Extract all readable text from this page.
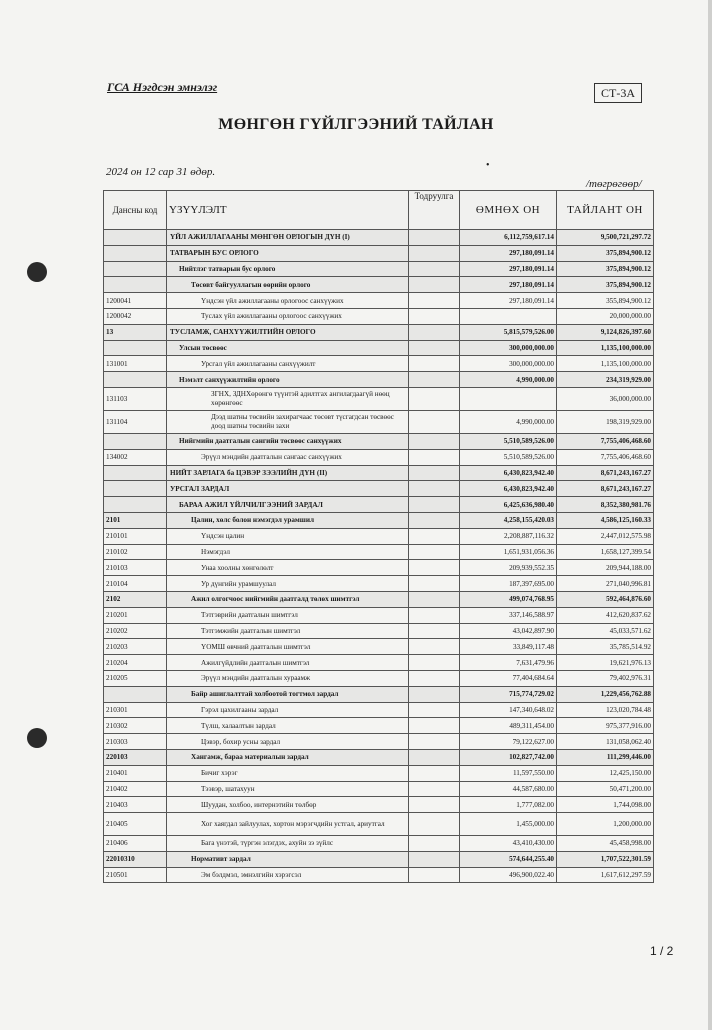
ГСА Нэгдсэн эмнэлэг	СТ-3А
МӨНГӨН ГҮЙЛГЭЭНИЙ ТАЙЛАН
•
2024 он 12 сар 31 өдөр.
/төгрөгөөр/
Дансны код	ҮЗҮҮЛЭЛТ	Тодруулга	ӨМНӨХ ОН	ТАЙЛАНТ ОН
	ҮЙЛ АЖИЛЛАГААНЫ МӨНГӨН ОРЛОГЫН ДҮН (I)		6,112,759,617.14	9,500,721,297.72
	ТАТВАРЫН БУС ОРЛОГО		297,180,091.14	375,894,900.12
	Нийтлэг татварын бус орлого		297,180,091.14	375,894,900.12
	Төсөвт байгууллагын өөрийн орлого		297,180,091.14	375,894,900.12
1200041	Үндсэн үйл ажиллагааны орлогоос санхүүжих		297,180,091.14	355,894,900.12
1200042	Туслах үйл ажиллагааны орлогоос санхүүжих			20,000,000.00
13	ТУСЛАМЖ, САНХҮҮЖИЛТИЙН ОРЛОГО		5,815,579,526.00	9,124,826,397.60
	Улсын төсвөөс		300,000,000.00	1,135,100,000.00
131001	Урсгал үйл ажиллагааны санхүүжилт		300,000,000.00	1,135,100,000.00
	Нэмэлт санхүүжилтийн орлого		4,990,000.00	234,319,929.00
131103	ЗГНХ, ЗДНХөрөнгө түүнтэй адилтгах ангилагдаагүй нөөц хөрөнгөөс			36,000,000.00
131104	Дээд шатны төсвийн захирагчаас төсөвт түсгагдсан төсвөөс доод шатны төсвийн захи		4,990,000.00	198,319,929.00
	Нийгмийн даатгалын сангийн төсвөөс санхүүжих		5,510,589,526.00	7,755,406,468.60
134002	Эрүүл мэндийн даатгалын сангаас санхүүжих		5,510,589,526.00	7,755,406,468.60
	НИЙТ ЗАРЛАГА ба ЦЭВЭР ЗЭЭЛИЙН ДҮН (II)		6,430,823,942.40	8,671,243,167.27
	УРСГАЛ ЗАРДАЛ		6,430,823,942.40	8,671,243,167.27
	БАРАА АЖИЛ ҮЙЛЧИЛГЭЭНИЙ ЗАРДАЛ		6,425,636,980.40	8,352,380,981.76
2101	Цалин, хөлс болон нэмэгдэл урамшил		4,258,155,420.03	4,586,125,160.33
210101	Үндсэн цалин		2,208,887,116.32	2,447,012,575.98
210102	Нэмэгдэл		1,651,931,056.36	1,658,127,399.54
210103	Унаа хоолны хөнгөлөлт		209,939,552.35	209,944,188.00
210104	Ур дүнгийн урамшуулал		187,397,695.00	271,040,996.81
2102	Ажил олгогчоос нийгмийн даатгалд төлөх шимтгэл		499,074,768.95	592,464,876.60
210201	Тэтгэврийн даатгалын шимтгэл		337,146,588.97	412,620,837.62
210202	Тэтгэмжийн даатгалын шимтгэл		43,042,897.90	45,033,571.62
210203	ҮОМШ өвчний даатгалын шимтгэл		33,849,117.48	35,785,514.92
210204	Ажилгүйдлийн даатгалын шимтгэл		7,631,479.96	19,621,976.13
210205	Эрүүл мэндийн даатгалын хураамж		77,404,684.64	79,402,976.31
	Байр ашиглалттай холбоотой тогтмол зардал		715,774,729.02	1,229,456,762.88
210301	Гэрэл цахилгааны зардал		147,340,648.02	123,020,784.48
210302	Түлш, халаалтын зардал		489,311,454.00	975,377,916.00
210303	Цэвэр, бохир усны зардал		79,122,627.00	131,058,062.40
220103	Хангамж, бараа материалын зардал		102,827,742.00	111,299,446.00
210401	Бичиг хэрэг		11,597,550.00	12,425,150.00
210402	Тээвэр, шатахуун		44,587,680.00	50,471,200.00
210403	Шуудан, холбоо, интернэтийн төлбөр		1,777,082.00	1,744,098.00
210405	Хог хаягдал зайлуулах, хортон мэрэгчдийн устгал, ариутгал		1,455,000.00	1,200,000.00
210406	Бага үнэтэй, түргэн элэгдэх, ахуйн зэ зүйлс		43,410,430.00	45,458,998.00
22010310	Нормативт зардал		574,644,255.40	1,707,522,301.59
210501	Эм бэлдмэл, эмнэлгийн хэрэгсэл		496,900,022.40	1,617,612,297.59
1 / 2
